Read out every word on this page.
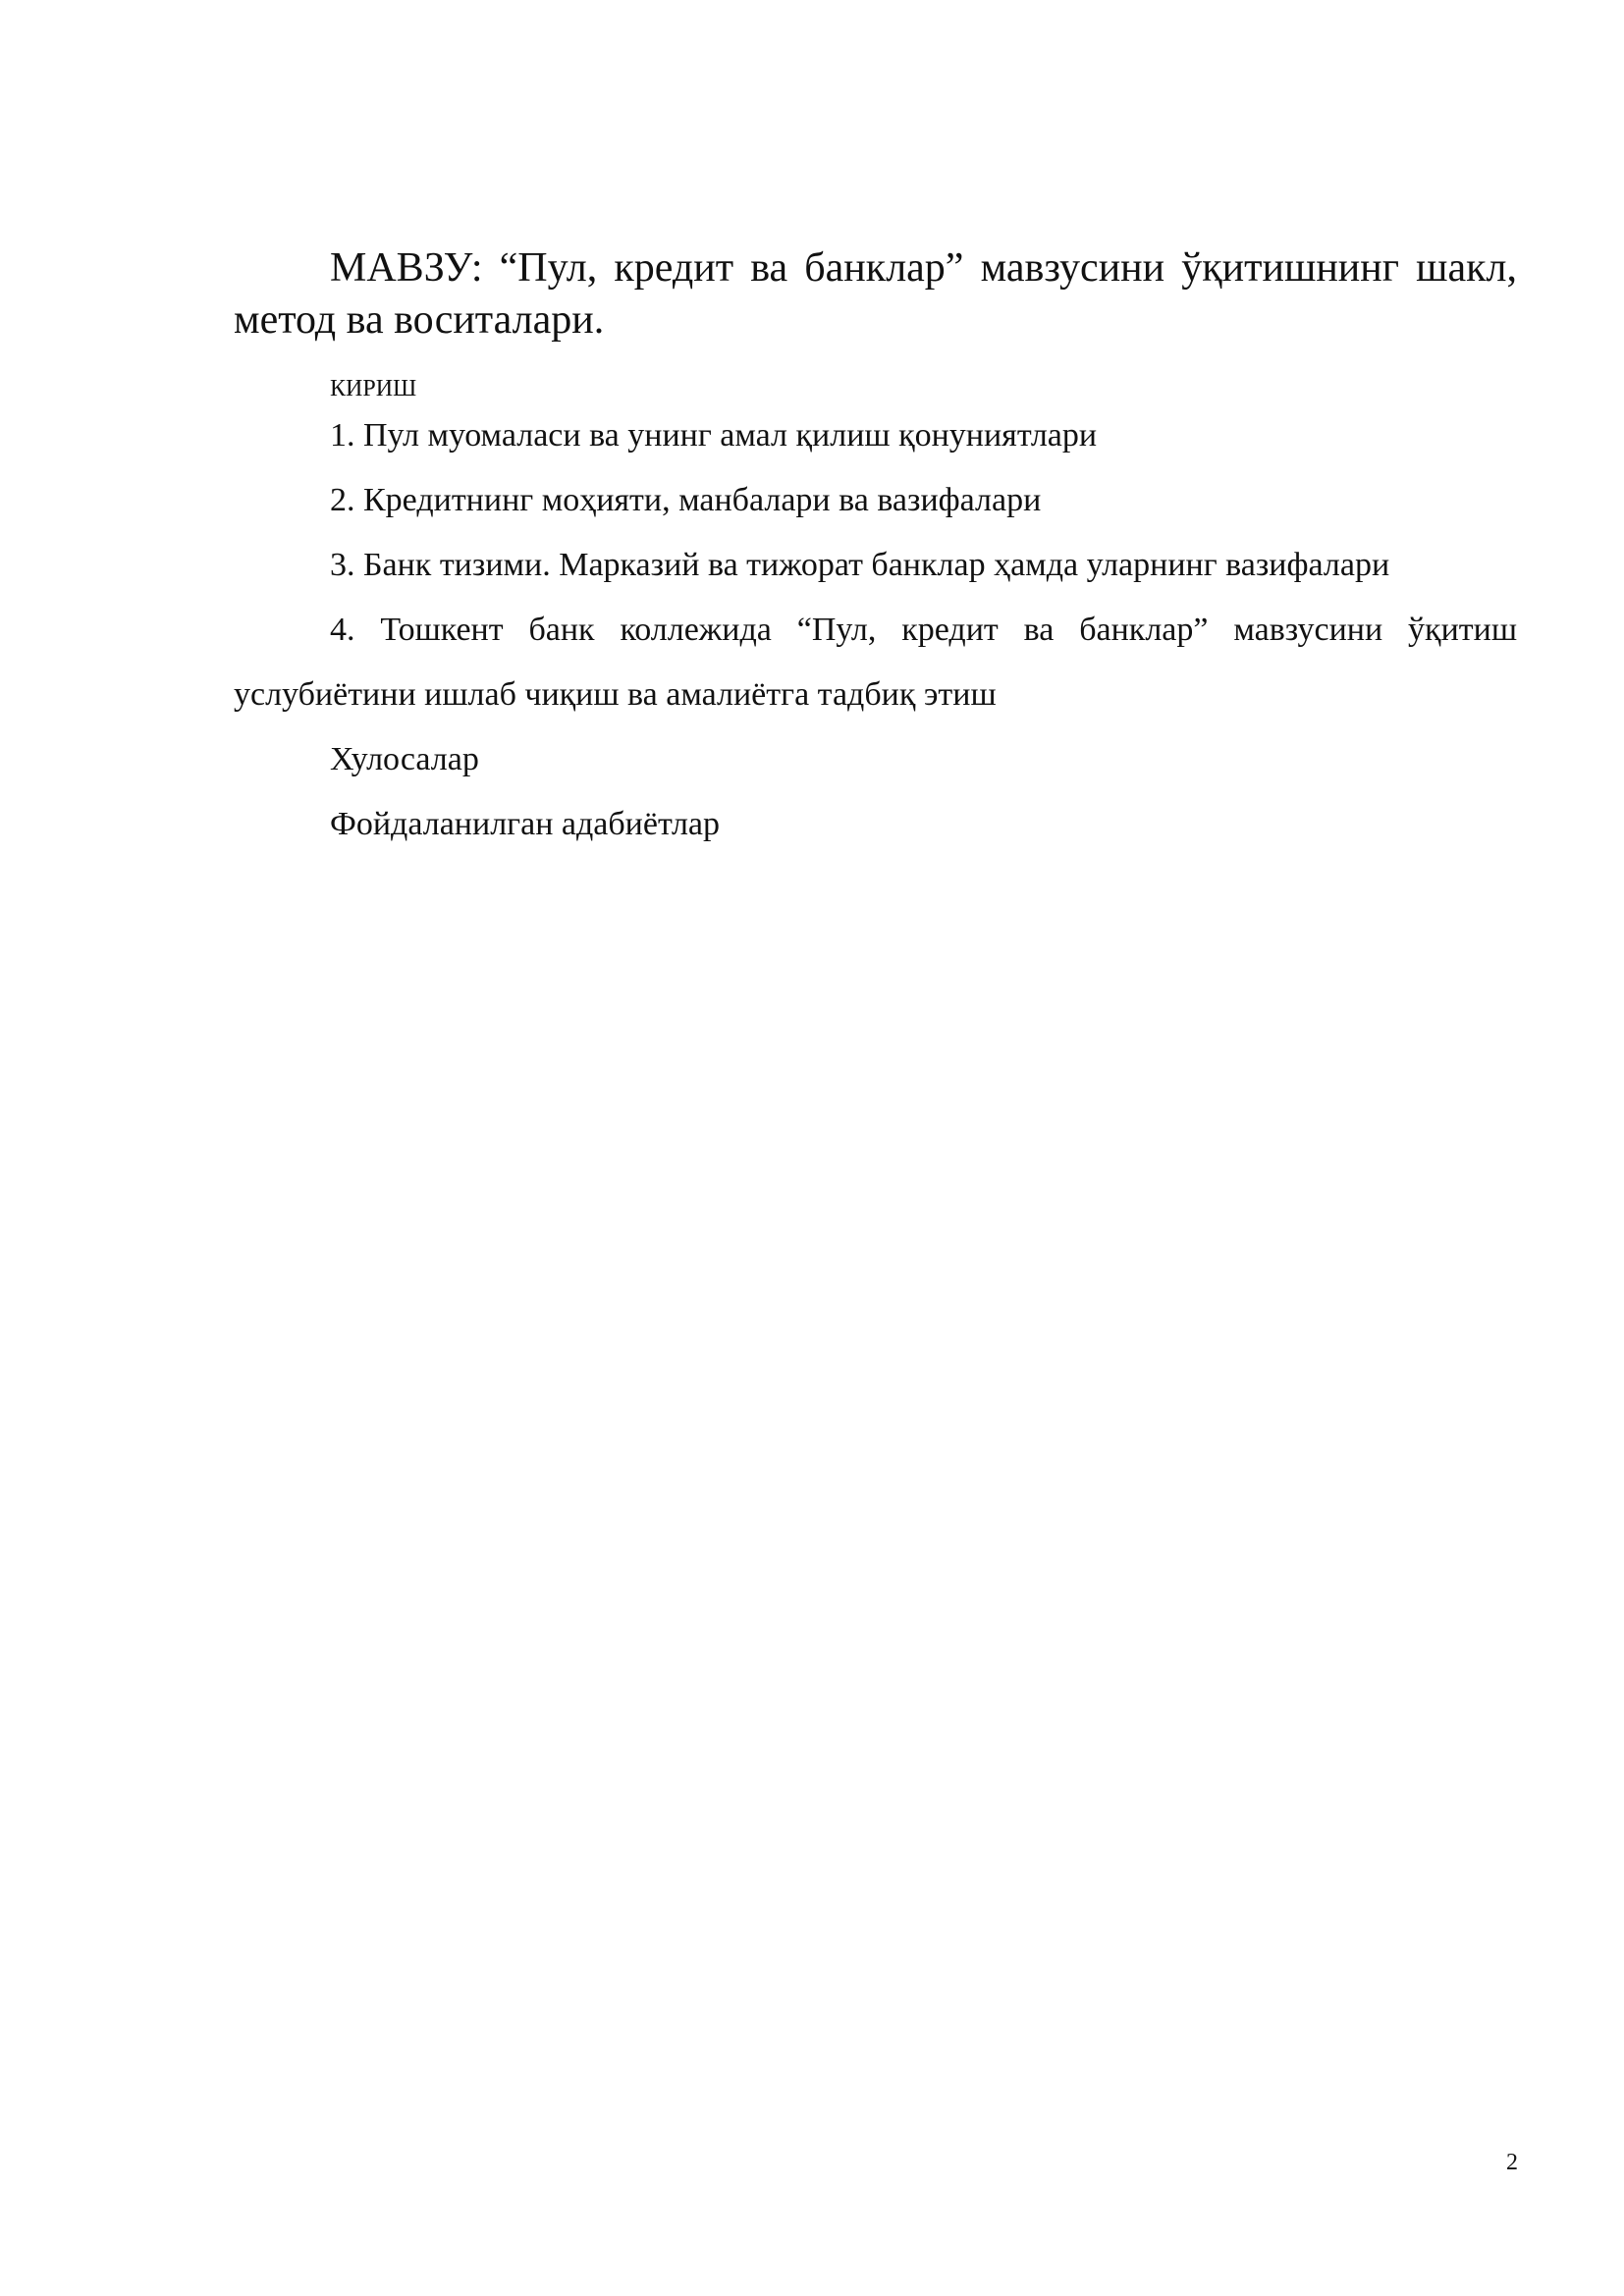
МАВЗУ: “Пул, кредит ва банклар” мавзусини ўқитишнинг шакл, метод ва воситалари.
КИРИШ

1. Пул муомаласи ва унинг амал қилиш қонуниятлари

2. Кредитнинг моҳияти, манбалари ва вазифалари

3. Банк тизими. Марказий ва тижорат банклар ҳамда уларнинг вазифалари

4. Тошкент банк коллежида “Пул, кредит ва банклар” мавзусини ўқитиш услубиётини ишлаб чиқиш ва амалиётга тадбиқ этиш

Хулосалар

Фойдаланилган адабиётлар

2
